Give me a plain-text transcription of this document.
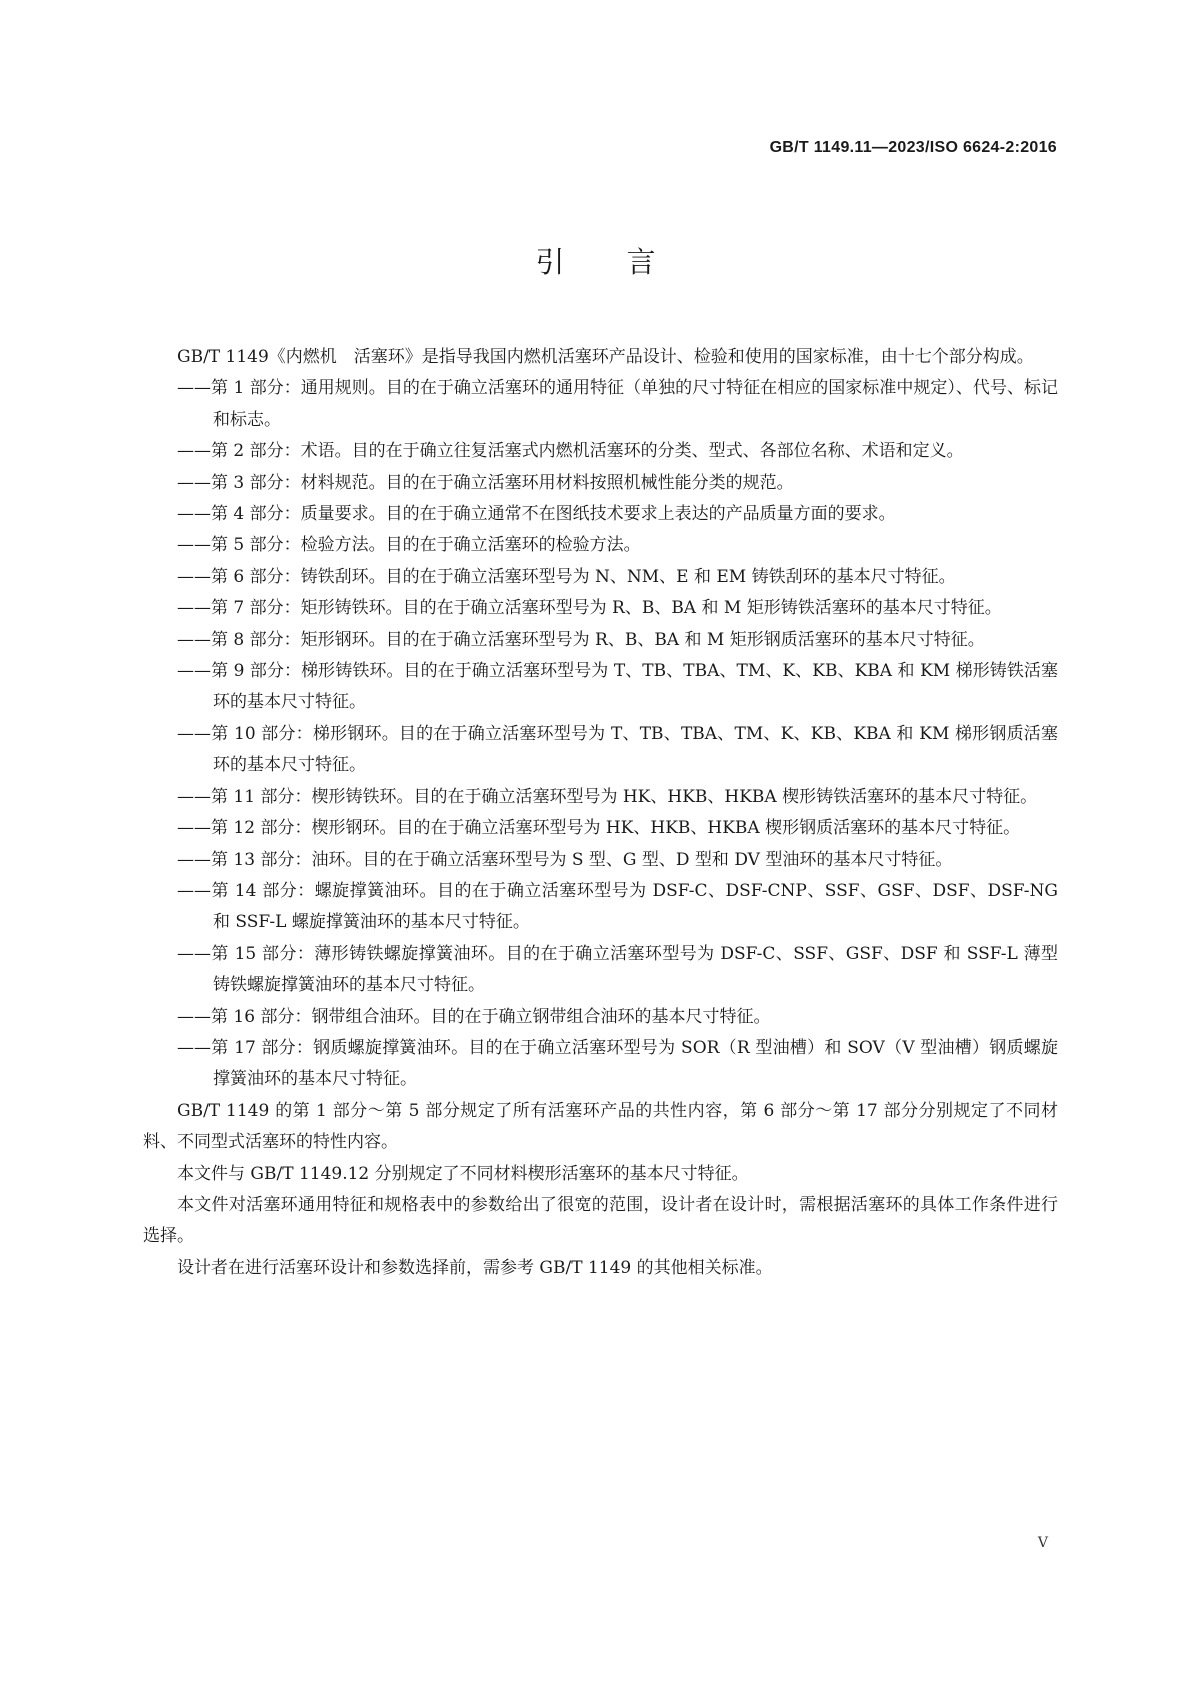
GB/T 1149.11—2023/ISO 6624-2:2016
引言

GB/T 1149《内燃机　活塞环》是指导我国内燃机活塞环产品设计、检验和使用的国家标准，由十七个部分构成。

——第 1 部分：通用规则。目的在于确立活塞环的通用特征（单独的尺寸特征在相应的国家标准中规定）、代号、标记和标志。

——第 2 部分：术语。目的在于确立往复活塞式内燃机活塞环的分类、型式、各部位名称、术语和定义。

——第 3 部分：材料规范。目的在于确立活塞环用材料按照机械性能分类的规范。

——第 4 部分：质量要求。目的在于确立通常不在图纸技术要求上表达的产品质量方面的要求。

——第 5 部分：检验方法。目的在于确立活塞环的检验方法。

——第 6 部分：铸铁刮环。目的在于确立活塞环型号为 N、NM、E 和 EM 铸铁刮环的基本尺寸特征。

——第 7 部分：矩形铸铁环。目的在于确立活塞环型号为 R、B、BA 和 M 矩形铸铁活塞环的基本尺寸特征。

——第 8 部分：矩形钢环。目的在于确立活塞环型号为 R、B、BA 和 M 矩形钢质活塞环的基本尺寸特征。

——第 9 部分：梯形铸铁环。目的在于确立活塞环型号为 T、TB、TBA、TM、K、KB、KBA 和 KM 梯形铸铁活塞环的基本尺寸特征。

——第 10 部分：梯形钢环。目的在于确立活塞环型号为 T、TB、TBA、TM、K、KB、KBA 和 KM 梯形钢质活塞环的基本尺寸特征。

——第 11 部分：楔形铸铁环。目的在于确立活塞环型号为 HK、HKB、HKBA 楔形铸铁活塞环的基本尺寸特征。

——第 12 部分：楔形钢环。目的在于确立活塞环型号为 HK、HKB、HKBA 楔形钢质活塞环的基本尺寸特征。

——第 13 部分：油环。目的在于确立活塞环型号为 S 型、G 型、D 型和 DV 型油环的基本尺寸特征。

——第 14 部分：螺旋撑簧油环。目的在于确立活塞环型号为 DSF-C、DSF-CNP、SSF、GSF、DSF、DSF-NG 和 SSF-L 螺旋撑簧油环的基本尺寸特征。

——第 15 部分：薄形铸铁螺旋撑簧油环。目的在于确立活塞环型号为 DSF-C、SSF、GSF、DSF 和 SSF-L 薄型铸铁螺旋撑簧油环的基本尺寸特征。

——第 16 部分：钢带组合油环。目的在于确立钢带组合油环的基本尺寸特征。

——第 17 部分：钢质螺旋撑簧油环。目的在于确立活塞环型号为 SOR（R 型油槽）和 SOV（V 型油槽）钢质螺旋撑簧油环的基本尺寸特征。

GB/T 1149 的第 1 部分～第 5 部分规定了所有活塞环产品的共性内容，第 6 部分～第 17 部分分别规定了不同材料、不同型式活塞环的特性内容。

本文件与 GB/T 1149.12 分别规定了不同材料楔形活塞环的基本尺寸特征。

本文件对活塞环通用特征和规格表中的参数给出了很宽的范围，设计者在设计时，需根据活塞环的具体工作条件进行选择。

设计者在进行活塞环设计和参数选择前，需参考 GB/T 1149 的其他相关标准。

V
